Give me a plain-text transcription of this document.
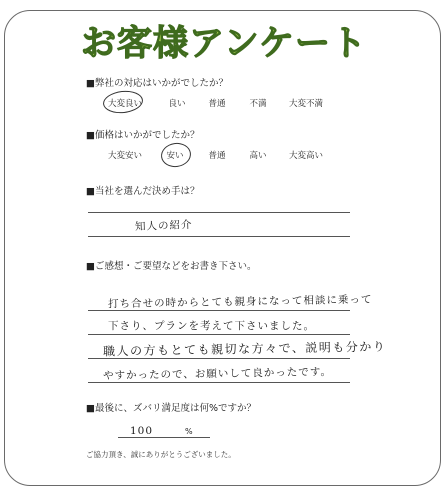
お客様アンケート
■弊社の対応はいかがでしたか？
大変良い	良い	普通	不満	大変不満
■価格はいかがでしたか？
大変安い	安い	普通	高い	大変高い
■当社を選んだ決め手は？
知人の紹介
■ご感想・ご要望などをお書き下さい。
打ち合せの時からとても親身になって相談に乗って
下さり、プランを考えて下さいました。
職人の方もとても親切な方々で、説明も分かり
やすかったので、お願いして良かったです。
■最後に、ズバリ満足度は何%ですか？
100	%
ご協力頂き、誠にありがとうございました。
